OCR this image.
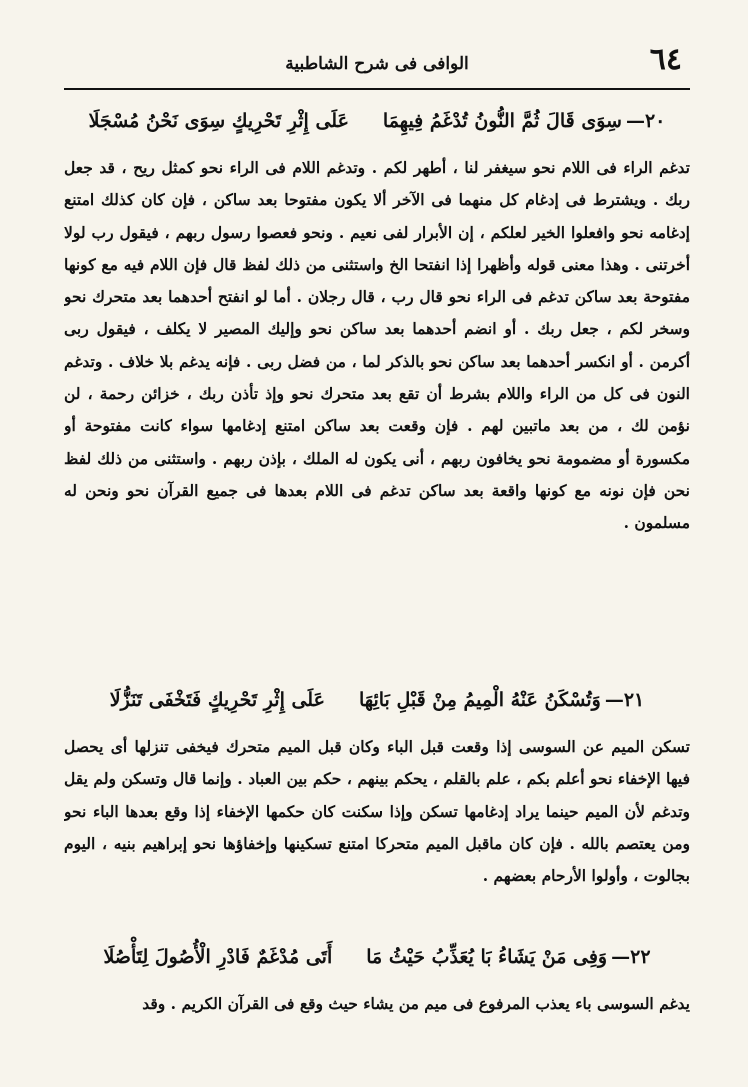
٦٤
الوافى فى شرح الشاطبية
٢٠—سِوَى قَالَ ثُمَّ النُّونُ تُدْغَمُ فِيهِمَا
عَلَى إِثْرِ تَحْرِيكٍ سِوَى نَحْنُ مُسْجَلَا

تدغم الراء فى اللام نحو سيغفر لنا ، أطهر لكم . وتدغم اللام فى الراء نحو كمثل ريح ، قد جعل ربك . ويشترط فى إدغام كل منهما فى الآخر ألا يكون مفتوحا بعد ساكن ، فإن كان كذلك امتنع إدغامه نحو وافعلوا الخير لعلكم ، إن الأبرار لفى نعيم . ونحو فعصوا رسول ربهم ، فيقول رب لولا أخرتنى . وهذا معنى قوله وأظهرا إذا انفتحا الخ واستثنى من ذلك لفظ قال فإن اللام فيه مع كونها مفتوحة بعد ساكن تدغم فى الراء نحو قال رب ، قال رجلان . أما لو انفتح أحدهما بعد متحرك نحو وسخر لكم ، جعل ربك . أو انضم أحدهما بعد ساكن نحو وإليك المصير لا يكلف ، فيقول ربى أكرمن . أو انكسر أحدهما بعد ساكن نحو بالذكر لما ، من فضل ربى . فإنه يدغم بلا خلاف . وتدغم النون فى كل من الراء واللام بشرط أن تقع بعد متحرك نحو وإذ تأذن ربك ، خزائن رحمة ، لن نؤمن لك ، من بعد ماتبين لهم . فإن وقعت بعد ساكن امتنع إدغامها سواء كانت مفتوحة أو مكسورة أو مضمومة نحو يخافون ربهم ، أنى يكون له الملك ، بإذن ربهم . واستثنى من ذلك لفظ نحن فإن نونه مع كونها واقعة بعد ساكن تدغم فى اللام بعدها فى جميع القرآن نحو ونحن له مسلمون .

٢١—وَتُسْكَنُ عَنْهُ الْمِيمُ مِنْ قَبْلِ بَائِهَا
عَلَى إِثْرِ تَحْرِيكٍ فَتَخْفَى تَنَزُّلَا

تسكن الميم عن السوسى إذا وقعت قبل الباء وكان قبل الميم متحرك فيخفى تنزلها أى يحصل فيها الإخفاء نحو أعلم بكم ، علم بالقلم ، يحكم بينهم ، حكم بين العباد . وإنما قال وتسكن ولم يقل وتدغم لأن الميم حينما يراد إدغامها تسكن وإذا سكنت كان حكمها الإخفاء إذا وقع بعدها الباء نحو ومن يعتصم بالله . فإن كان ماقبل الميم متحركا امتنع تسكينها وإخفاؤها نحو إبراهيم بنيه ، اليوم بجالوت ، وأولوا الأرحام بعضهم .

٢٢—وَفِى مَنْ يَشَاءُ بَا يُعَذِّبُ حَيْثُ مَا
أَتَى مُدْغَمٌ فَادْرِ الْأُصُولَ لِتَأْصُلَا

يدغم السوسى باء يعذب المرفوع فى ميم من يشاء حيث وقع فى القرآن الكريم . وقد
